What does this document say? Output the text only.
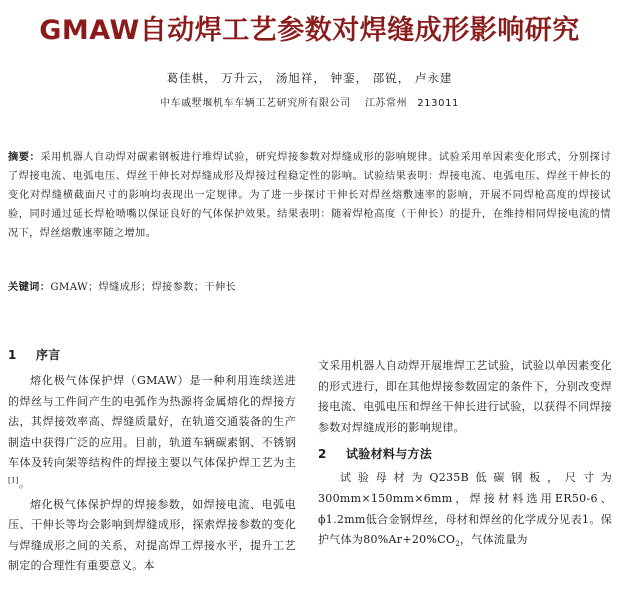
GMAW自动焊工艺参数对焊缝成形影响研究
葛佳棋， 万升云， 汤旭祥， 钟銮， 邵锐， 卢永建
中车戚墅堰机车车辆工艺研究所有限公司 江苏常州 213011
摘要：采用机器人自动焊对碳素钢板进行堆焊试验，研究焊接参数对焊缝成形的影响规律。试验采用单因素变化形式，分别探讨了焊接电流、电弧电压、焊丝干伸长对焊缝成形及焊接过程稳定性的影响。试验结果表明：焊接电流、电弧电压、焊丝干伸长的变化对焊缝横截面尺寸的影响均表现出一定规律。为了进一步探讨干伸长对焊丝熔敷速率的影响，开展不同焊枪高度的焊接试验，同时通过延长焊枪喷嘴以保证良好的气体保护效果。结果表明：随着焊枪高度（干伸长）的提升，在维持相同焊接电流的情况下，焊丝熔敷速率随之增加。
关键词：GMAW；焊缝成形；焊接参数；干伸长
1 序言

熔化极气体保护焊（GMAW）是一种利用连续送进的焊丝与工件间产生的电弧作为热源将金属熔化的焊接方法，其焊接效率高、焊缝质量好，在轨道交通装备的生产制造中获得广泛的应用。目前，轨道车辆碳素钢、不锈钢车体及转向架等结构件的焊接主要以气体保护焊工艺为主[1]。

熔化极气体保护焊的焊接参数，如焊接电流、电弧电压、干伸长等均会影响到焊缝成形，探索焊接参数的变化与焊缝成形之间的关系，对提高焊工焊接水平，提升工艺制定的合理性有重要意义。本

文采用机器人自动焊开展堆焊工艺试验，试验以单因素变化的形式进行，即在其他焊接参数固定的条件下，分别改变焊接电流、电弧电压和焊丝干伸长进行试验，以获得不同焊接参数对焊缝成形的影响规律。

2 试验材料与方法

试验母材为Q235B低碳钢板，尺寸为300mm×150mm×6mm，焊接材料选用ER50-6、ϕ1.2mm低合金钢焊丝，母材和焊丝的化学成分见表1。保护气体为$80\%Ar+20\%CO_2$，气体流量为
